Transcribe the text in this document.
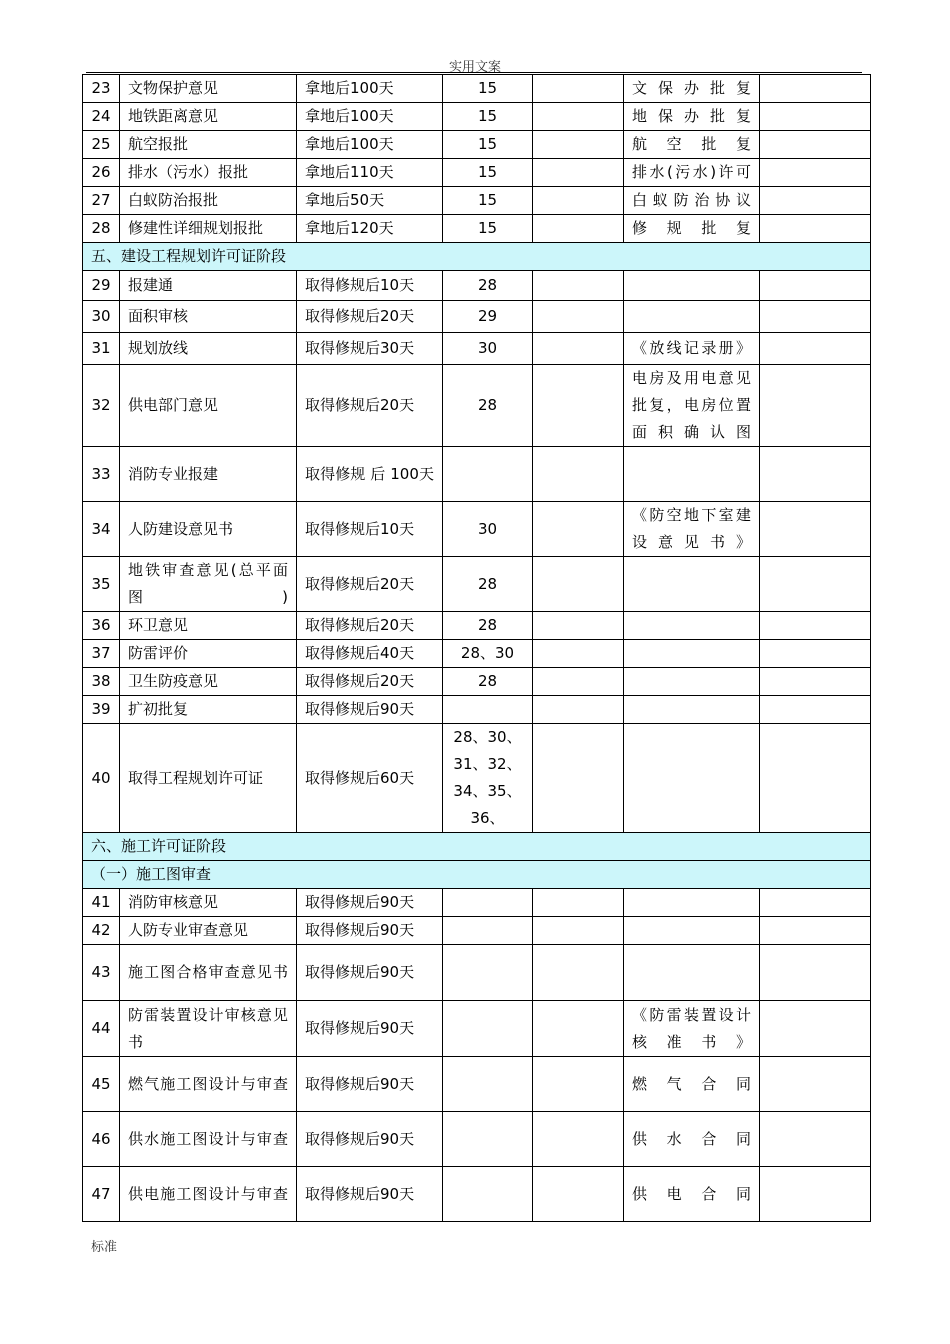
实用文案
23	文物保护意见	拿地后100天	15		文保办批复	
24	地铁距离意见	拿地后100天	15		地保办批复	
25	航空报批	拿地后100天	15		航空批复	
26	排水（污水）报批	拿地后110天	15		排水(污水)许可	
27	白蚁防治报批	拿地后50天	15		白蚁防治协议	
28	修建性详细规划报批	拿地后120天	15		修规批复	
五、建设工程规划许可证阶段						
29	报建通	取得修规后10天	28			
30	面积审核	取得修规后20天	29			
31	规划放线	取得修规后30天	30		《放线记录册》	
32	供电部门意见	取得修规后20天	28		电房及用电意见批复，电房位置面积确认图	
33	消防专业报建	取得修规 后 100天				
34	人防建设意见书	取得修规后10天	30		《防空地下室建设意见书》	
35	地铁审查意见(总平面图)	取得修规后20天	28			
36	环卫意见	取得修规后20天	28			
37	防雷评价	取得修规后40天	28、30			
38	卫生防疫意见	取得修规后20天	28			
39	扩初批复	取得修规后90天				
40	取得工程规划许可证	取得修规后60天	28、30、31、32、34、35、36、			
六、施工许可证阶段						
（一）施工图审查						
41	消防审核意见	取得修规后90天				
42	人防专业审查意见	取得修规后90天				
43	施工图合格审查意见书	取得修规后90天				
44	防雷装置设计审核意见书	取得修规后90天			《防雷装置设计核准书》	
45	燃气施工图设计与审查	取得修规后90天			燃气合同	
46	供水施工图设计与审查	取得修规后90天			供水合同	
47	供电施工图设计与审查	取得修规后90天			供电合同	
标准
